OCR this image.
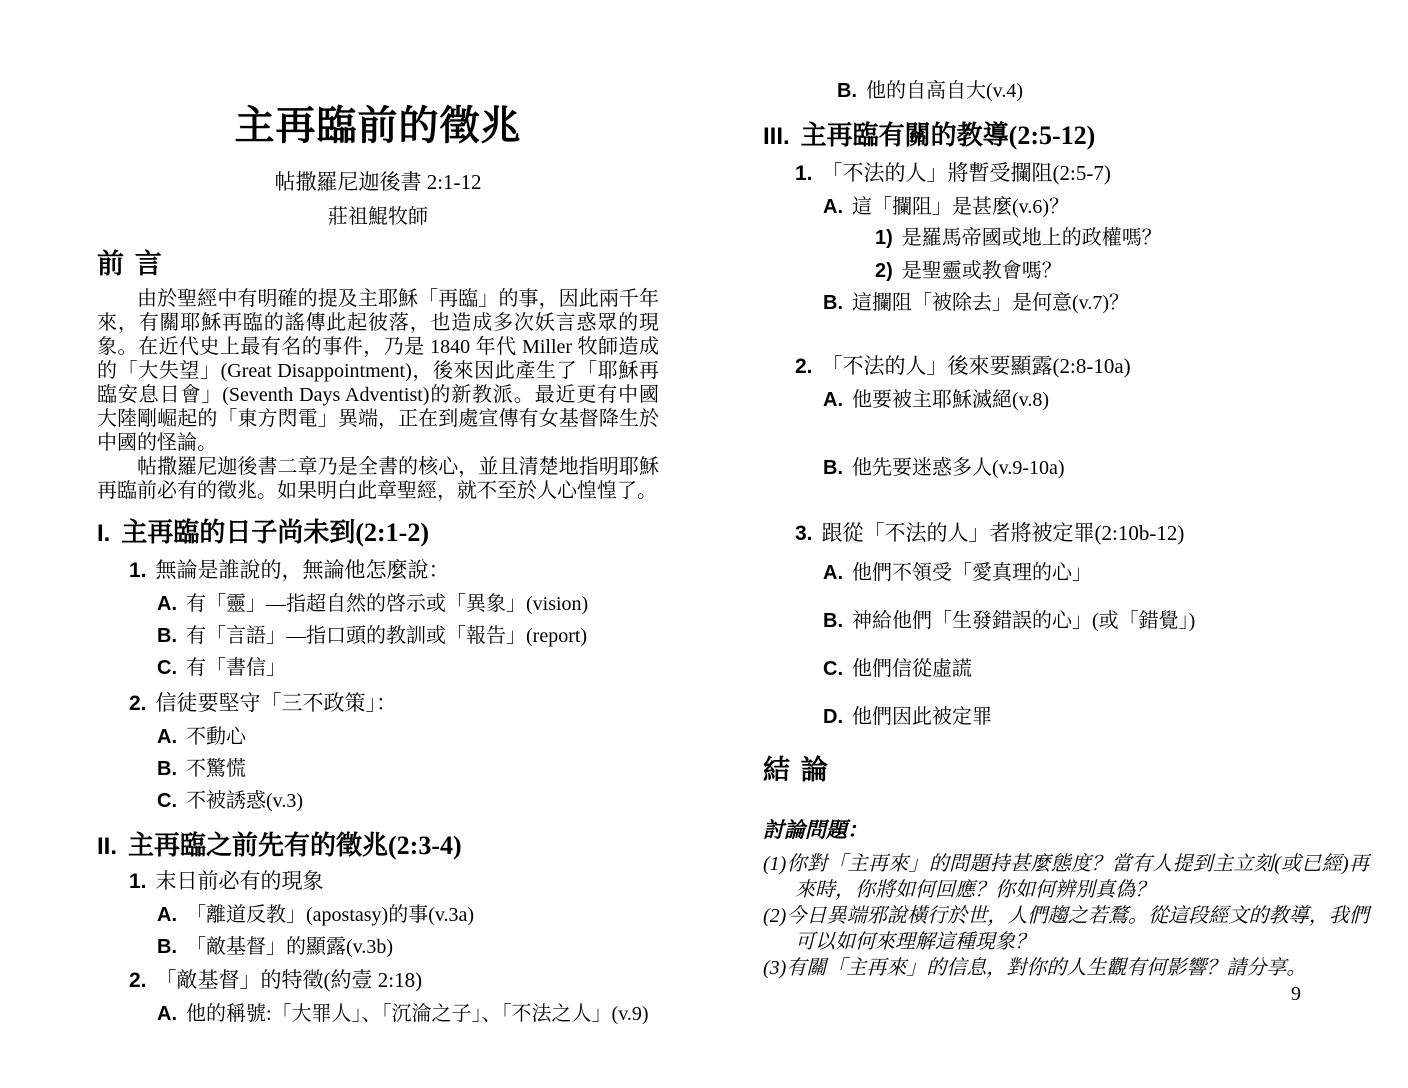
主再臨前的徵兆
帖撒羅尼迦後書 2:1-12
莊祖鯤牧師
前 言
由於聖經中有明確的提及主耶穌「再臨」的事，因此兩千年來，有關耶穌再臨的謠傳此起彼落，也造成多次妖言惑眾的現象。在近代史上最有名的事件，乃是 1840 年代 Miller 牧師造成的「大失望」(Great Disappointment)，後來因此產生了「耶穌再臨安息日會」(Seventh Days Adventist)的新教派。最近更有中國大陸剛崛起的「東方閃電」異端，正在到處宣傳有女基督降生於中國的怪論。
帖撒羅尼迦後書二章乃是全書的核心，並且清楚地指明耶穌再臨前必有的徵兆。如果明白此章聖經，就不至於人心惶惶了。
I. 主再臨的日子尚未到(2:1-2)
1. 無論是誰說的，無論他怎麼說：
A. 有「靈」—指超自然的啓示或「異象」(vision)
B. 有「言語」—指口頭的教訓或「報告」(report)
C. 有「書信」
2. 信徒要堅守「三不政策」：
A. 不動心
B. 不驚慌
C. 不被誘惑(v.3)
II. 主再臨之前先有的徵兆(2:3-4)
1. 末日前必有的現象
A. 「離道反教」(apostasy)的事(v.3a)
B. 「敵基督」的顯露(v.3b)
2. 「敵基督」的特徵(約壹 2:18)
A. 他的稱號:「大罪人」、「沉淪之子」、「不法之人」(v.9)
B. 他的自高自大(v.4)
III. 主再臨有關的教導(2:5-12)
1. 「不法的人」將暫受攔阻(2:5-7)
A. 這「攔阻」是甚麼(v.6)？
1) 是羅馬帝國或地上的政權嗎？
2) 是聖靈或教會嗎？
B. 這攔阻「被除去」是何意(v.7)？
2. 「不法的人」後來要顯露(2:8-10a)
A. 他要被主耶穌滅絕(v.8)
B. 他先要迷惑多人(v.9-10a)
3. 跟從「不法的人」者將被定罪(2:10b-12)
A. 他們不領受「愛真理的心」
B. 神給他們「生發錯誤的心」(或「錯覺」)
C. 他們信從虛謊
D. 他們因此被定罪
結 論
討論問題：
(1)你對「主再來」的問題持甚麼態度？當有人提到主立刻(或已經)再來時，你將如何回應？你如何辨別真偽？
(2)今日異端邪說橫行於世，人們趨之若鶩。從這段經文的教導，我們可以如何來理解這種現象？
(3)有關「主再來」的信息，對你的人生觀有何影響？請分享。
9
